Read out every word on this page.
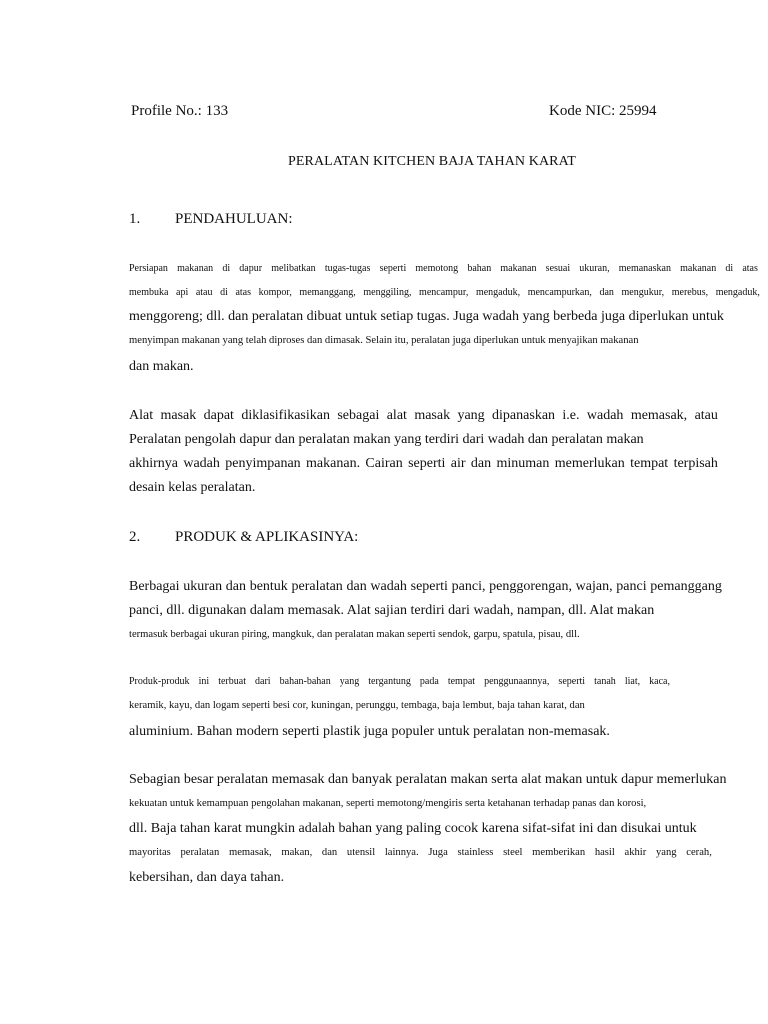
Profile No.: 133	Kode NIC: 25994
PERALATAN KITCHEN BAJA TAHAN KARAT
1. PENDAHULUAN:
Persiapan makanan di dapur melibatkan tugas-tugas seperti memotong bahan makanan sesuai ukuran, memanaskan makanan di atas
membuka api atau di atas kompor, memanggang, menggiling, mencampur, mengaduk, mencampurkan, dan mengukur, merebus, mengaduk,
menggoreng; dll. dan peralatan dibuat untuk setiap tugas. Juga wadah yang berbeda juga diperlukan untuk
menyimpan makanan yang telah diproses dan dimasak. Selain itu, peralatan juga diperlukan untuk menyajikan makanan
dan makan.
Alat masak dapat diklasifikasikan sebagai alat masak yang dipanaskan i.e. wadah memasak, atau
Peralatan pengolah dapur dan peralatan makan yang terdiri dari wadah dan peralatan makan
akhirnya wadah penyimpanan makanan. Cairan seperti air dan minuman memerlukan tempat terpisah
desain kelas peralatan.
2. PRODUK & APLIKASINYA:
Berbagai ukuran dan bentuk peralatan dan wadah seperti panci, penggorengan, wajan, panci pemanggang
panci, dll. digunakan dalam memasak. Alat sajian terdiri dari wadah, nampan, dll. Alat makan
termasuk berbagai ukuran piring, mangkuk, dan peralatan makan seperti sendok, garpu, spatula, pisau, dll.
Produk-produk ini terbuat dari bahan-bahan yang tergantung pada tempat penggunaannya, seperti tanah liat, kaca,
keramik, kayu, dan logam seperti besi cor, kuningan, perunggu, tembaga, baja lembut, baja tahan karat, dan
aluminium. Bahan modern seperti plastik juga populer untuk peralatan non-memasak.
Sebagian besar peralatan memasak dan banyak peralatan makan serta alat makan untuk dapur memerlukan
kekuatan untuk kemampuan pengolahan makanan, seperti memotong/mengiris serta ketahanan terhadap panas dan korosi,
dll. Baja tahan karat mungkin adalah bahan yang paling cocok karena sifat-sifat ini dan disukai untuk
mayoritas peralatan memasak, makan, dan utensil lainnya. Juga stainless steel memberikan hasil akhir yang cerah,
kebersihan, dan daya tahan.
